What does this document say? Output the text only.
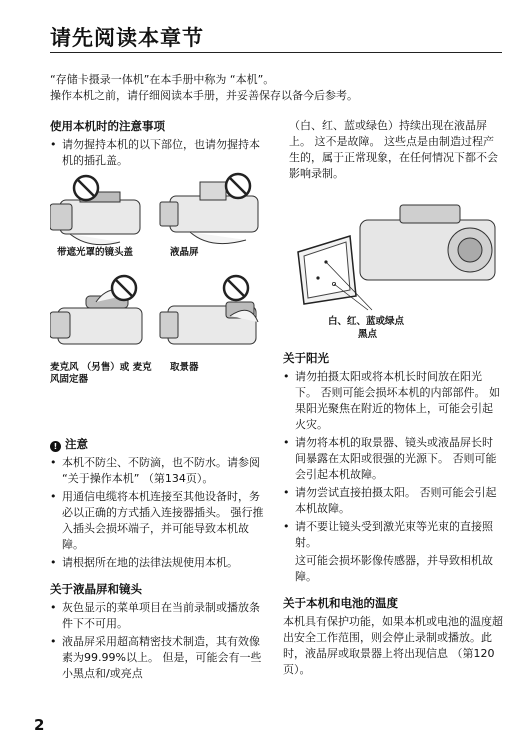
请先阅读本章节

“存储卡摄录一体机”在本手册中称为 “本机”。

操作本机之前，请仔细阅读本手册，并妥善保存以备今后参考。

使用本机时的注意事项
• 请勿握持本机的以下部位，也请勿握持本机的插孔盖。
带遮光罩的镜头盖	液晶屏
麦克风 （另售）或 麦克风固定器
取景器
! 注意
• 本机不防尘、不防滴，也不防水。请参阅 “关于操作本机” （第134页）。
• 用通信电缆将本机连接至其他设备时，务必以正确的方式插入连接器插头。 强行推入插头会损坏端子，并可能导致本机故障。
• 请根据所在地的法律法规使用本机。
关于液晶屏和镜头
• 灰色显示的菜单项目在当前录制或播放条件下不可用。
• 液晶屏采用超高精密技术制造，其有效像素为99.99%以上。 但是，可能会有一些小黑点和/或亮点

（白、红、蓝或绿色）持续出现在液晶屏上。 这不是故障。 这些点是由制造过程产生的，属于正常现象，在任何情况下都不会影响录制。

白、红、蓝或绿点
黑点
关于阳光
• 请勿拍摄太阳或将本机长时间放在阳光下。 否则可能会损坏本机的内部部件。 如果阳光聚焦在附近的物体上，可能会引起火灾。
• 请勿将本机的取景器、镜头或液晶屏长时间暴露在太阳或很强的光源下。 否则可能会引起本机故障。
• 请勿尝试直接拍摄太阳。 否则可能会引起本机故障。
• 请不要让镜头受到激光束等光束的直接照射。

这可能会损坏影像传感器，并导致相机故障。

关于本机和电池的温度

本机具有保护功能，如果本机或电池的温度超出安全工作范围，则会停止录制或播放。此时，液晶屏或取景器上将出现信息 （第120页）。

2
